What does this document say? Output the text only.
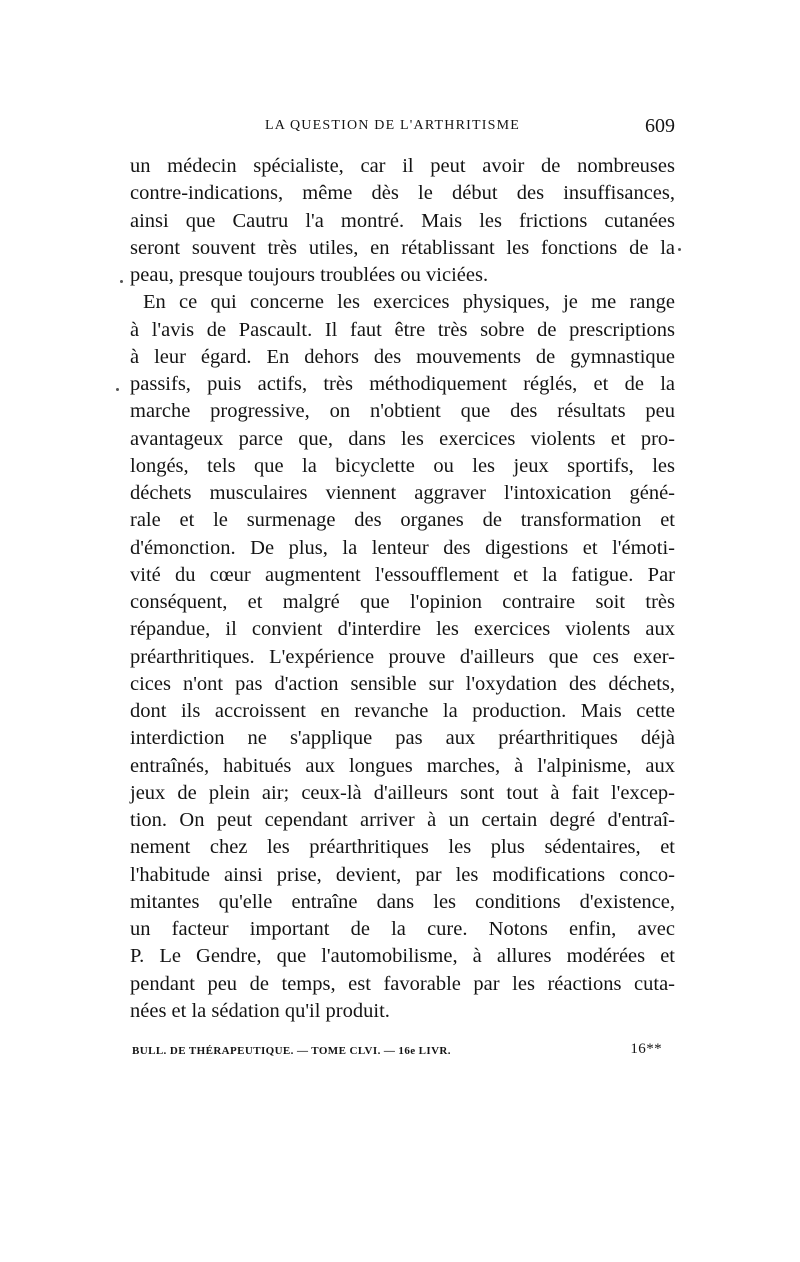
LA QUESTION DE L'ARTHRITISME	609
un médecin spécialiste, car il peut avoir de nombreuses
contre-indications, même dès le début des insuffisances,
ainsi que Cautru l'a montré. Mais les frictions cutanées
seront souvent très utiles, en rétablissant les fonctions de la
peau, presque toujours troublées ou viciées.
En ce qui concerne les exercices physiques, je me range
à l'avis de Pascault. Il faut être très sobre de prescriptions
à leur égard. En dehors des mouvements de gymnastique
passifs, puis actifs, très méthodiquement réglés, et de la
marche progressive, on n'obtient que des résultats peu
avantageux parce que, dans les exercices violents et pro-
longés, tels que la bicyclette ou les jeux sportifs, les
déchets musculaires viennent aggraver l'intoxication géné-
rale et le surmenage des organes de transformation et
d'émonction. De plus, la lenteur des digestions et l'émoti-
vité du cœur augmentent l'essoufflement et la fatigue. Par
conséquent, et malgré que l'opinion contraire soit très
répandue, il convient d'interdire les exercices violents aux
préarthritiques. L'expérience prouve d'ailleurs que ces exer-
cices n'ont pas d'action sensible sur l'oxydation des déchets,
dont ils accroissent en revanche la production. Mais cette
interdiction ne s'applique pas aux préarthritiques déjà
entraînés, habitués aux longues marches, à l'alpinisme, aux
jeux de plein air; ceux-là d'ailleurs sont tout à fait l'excep-
tion. On peut cependant arriver à un certain degré d'entraî-
nement chez les préarthritiques les plus sédentaires, et
l'habitude ainsi prise, devient, par les modifications conco-
mitantes qu'elle entraîne dans les conditions d'existence,
un facteur important de la cure. Notons enfin, avec
P. Le Gendre, que l'automobilisme, à allures modérées et
pendant peu de temps, est favorable par les réactions cuta-
nées et la sédation qu'il produit.
BULL. DE THÉRAPEUTIQUE. — TOME CLVI. — 16e LIVR.	16**
